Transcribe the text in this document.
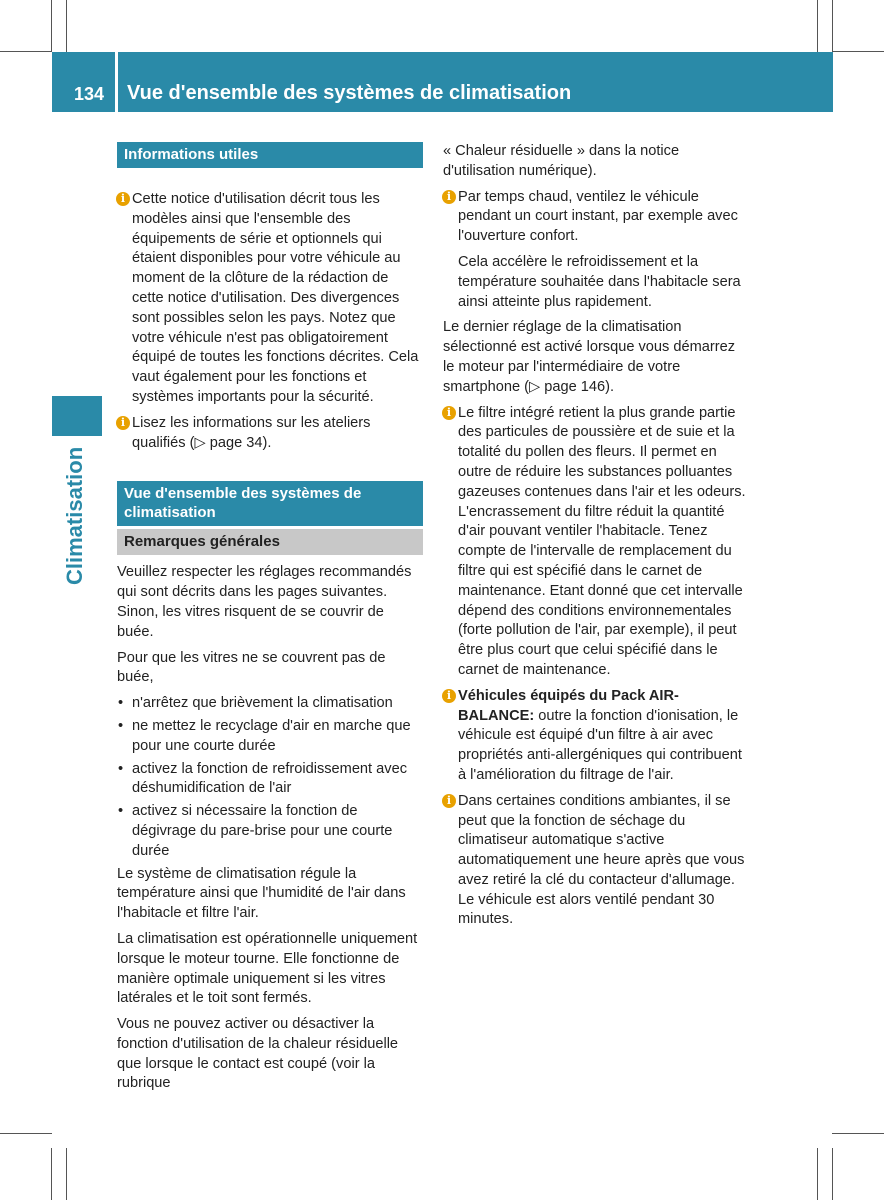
134 Vue d'ensemble des systèmes de climatisation
Climatisation
Informations utiles
i Cette notice d'utilisation décrit tous les modèles ainsi que l'ensemble des équipements de série et optionnels qui étaient disponibles pour votre véhicule au moment de la clôture de la rédaction de cette notice d'utilisation. Des divergences sont possibles selon les pays. Notez que votre véhicule n'est pas obligatoirement équipé de toutes les fonctions décrites. Cela vaut également pour les fonctions et systèmes importants pour la sécurité.
i Lisez les informations sur les ateliers qualifiés (▷ page 34).
Vue d'ensemble des systèmes de climatisation
Remarques générales

Veuillez respecter les réglages recommandés qui sont décrits dans les pages suivantes. Sinon, les vitres risquent de se couvrir de buée.

Pour que les vitres ne se couvrent pas de buée,

• n'arrêtez que brièvement la climatisation
• ne mettez le recyclage d'air en marche que pour une courte durée
• activez la fonction de refroidissement avec déshumidification de l'air
• activez si nécessaire la fonction de dégivrage du pare-brise pour une courte durée

Le système de climatisation régule la température ainsi que l'humidité de l'air dans l'habitacle et filtre l'air.

La climatisation est opérationnelle uniquement lorsque le moteur tourne. Elle fonctionne de manière optimale uniquement si les vitres latérales et le toit sont fermés.

Vous ne pouvez activer ou désactiver la fonction d'utilisation de la chaleur résiduelle que lorsque le contact est coupé (voir la rubrique

« Chaleur résiduelle » dans la notice d'utilisation numérique).

i Par temps chaud, ventilez le véhicule pendant un court instant, par exemple avec l'ouverture confort.
Cela accélère le refroidissement et la température souhaitée dans l'habitacle sera ainsi atteinte plus rapidement.

Le dernier réglage de la climatisation sélectionné est activé lorsque vous démarrez le moteur par l'intermédiaire de votre smartphone (▷ page 146).

i Le filtre intégré retient la plus grande partie des particules de poussière et de suie et la totalité du pollen des fleurs. Il permet en outre de réduire les substances polluantes gazeuses contenues dans l'air et les odeurs. L'encrassement du filtre réduit la quantité d'air pouvant ventiler l'habitacle. Tenez compte de l'intervalle de remplacement du filtre qui est spécifié dans le carnet de maintenance. Etant donné que cet intervalle dépend des conditions environnementales (forte pollution de l'air, par exemple), il peut être plus court que celui spécifié dans le carnet de maintenance.
i Véhicules équipés du Pack AIR-BALANCE: outre la fonction d'ionisation, le véhicule est équipé d'un filtre à air avec propriétés anti-allergéniques qui contribuent à l'amélioration du filtrage de l'air.
i Dans certaines conditions ambiantes, il se peut que la fonction de séchage du climatiseur automatique s'active automatiquement une heure après que vous avez retiré la clé du contacteur d'allumage. Le véhicule est alors ventilé pendant 30 minutes.
